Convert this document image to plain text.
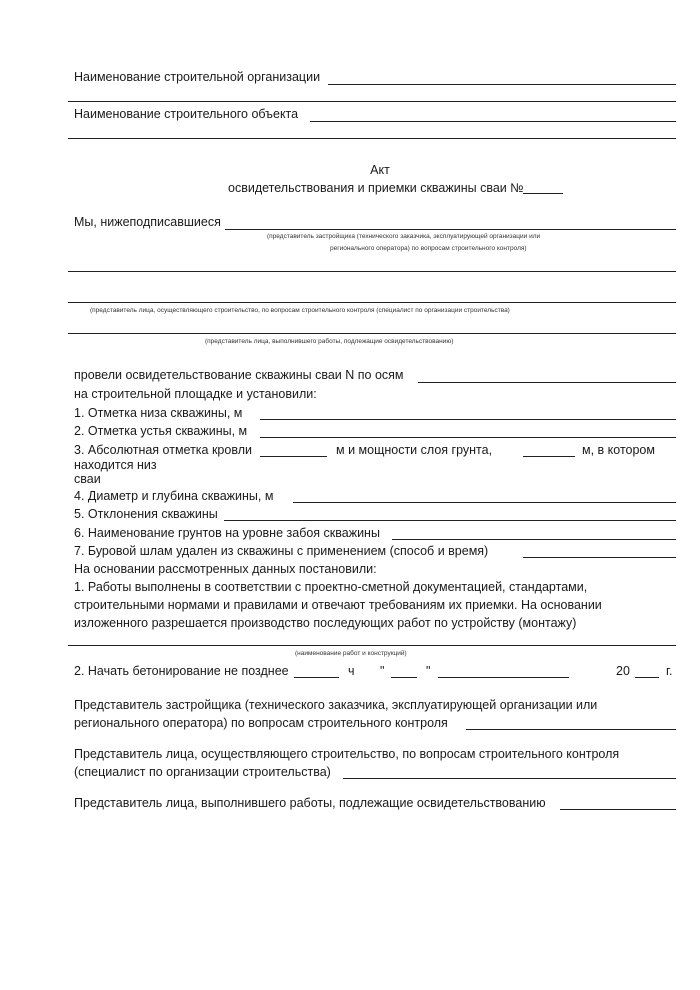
Наименование строительной организации
Наименование строительного объекта
Акт
освидетельствования и приемки скважины сваи №
Мы, нижеподписавшиеся
(представитель застройщика (технического заказчика, эксплуатирующей организации или
регионального оператора) по вопросам строительного контроля)
(представитель лица, осуществляющего строительство, по вопросам строительного контроля (специалист по организации строительства)
(представитель лица, выполнившего работы, подлежащие освидетельствованию)
провели освидетельствование скважины сваи N по осям
на строительной площадке и установили:
1. Отметка низа скважины, м
2. Отметка устья скважины, м
3. Абсолютная отметка кровли	м и мощности слоя грунта,	м, в котором
находится низ
сваи
4. Диаметр и глубина скважины, м
5. Отклонения скважины
6. Наименование грунтов на уровне забоя скважины
7. Буровой шлам удален из скважины с применением (способ и время)
На основании рассмотренных данных постановили:
1. Работы выполнены в соответствии с проектно-сметной документацией, стандартами,
строительными нормами и правилами и отвечают требованиям их приемки. На основании
изложенного разрешается производство последующих работ по устройству (монтажу)
(наименование работ и конструкций)
2. Начать бетонирование не позднее	ч "	"	20	г.
Представитель застройщика (технического заказчика, эксплуатирующей организации или
регионального оператора) по вопросам строительного контроля
Представитель лица, осуществляющего строительство, по вопросам строительного контроля
(специалист по организации строительства)
Представитель лица, выполнившего работы, подлежащие освидетельствованию
